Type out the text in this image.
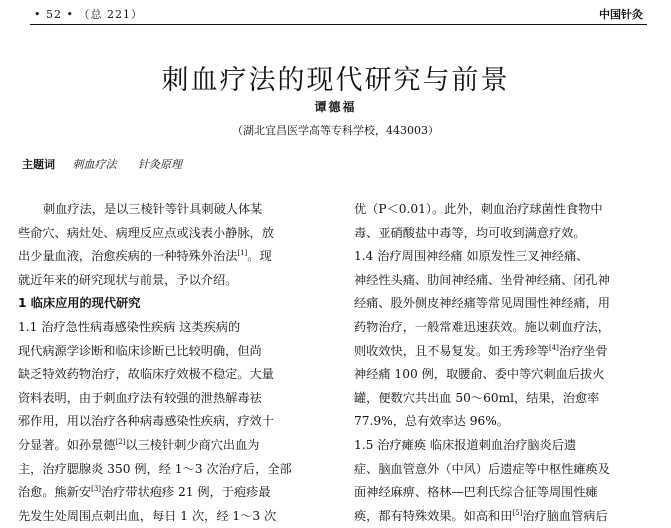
• 52 • （总 221）	中国针灸
刺血疗法的现代研究与前景
谭德福
（湖北宜昌医学高等专科学校，443003）
主题词 刺血疗法 针灸原理

刺血疗法，是以三棱针等针具刺破人体某

些俞穴、病灶处、病理反应点或浅表小静脉，放

出少量血液，治愈疾病的一种特殊外治法[1]。现

就近年来的研究现状与前景，予以介绍。

1 临床应用的现代研究

1.1 治疗急性病毒感染性疾病 这类疾病的

现代病源学诊断和临床诊断已比较明确，但尚

缺乏特效药物治疗，故临床疗效极不稳定。大量

资料表明，由于刺血疗法有较强的泄热解毒祛

邪作用，用以治疗各种病毒感染性疾病，疗效十

分显著。如孙景德[2]以三棱针刺少商穴出血为

主，治疗腮腺炎 350 例，经 1～3 次治疗后，全部

治愈。熊新安[3]治疗带状疱疹 21 例，于疱疹最

先发生处周围点刺出血，每日 1 次，经 1～3 次

优（P＜0.01）。此外，刺血治疗球菌性食物中

毒、亚硝酸盐中毒等，均可收到满意疗效。

1.4 治疗周围神经痛 如原发性三叉神经痛、

神经性头痛、肋间神经痛、坐骨神经痛、闭孔神

经痛、股外侧皮神经痛等常见周围性神经痛，用

药物治疗，一般常难迅速获效。施以刺血疗法，

则收效快，且不易复发。如王秀珍等[4]治疗坐骨

神经痛 100 例，取腰俞、委中等穴刺血后拔火

罐，便数穴共出血 50～60ml，结果，治愈率

77.9%，总有效率达 96%。

1.5 治疗瘫痪 临床报道刺血治疗脑炎后遗

症、脑血管意外（中风）后遗症等中枢性瘫痪及

面神经麻痹、格林—巴利氏综合征等周围性瘫

痪，都有特殊效果。如高和田[5]治疗脑血管病后
